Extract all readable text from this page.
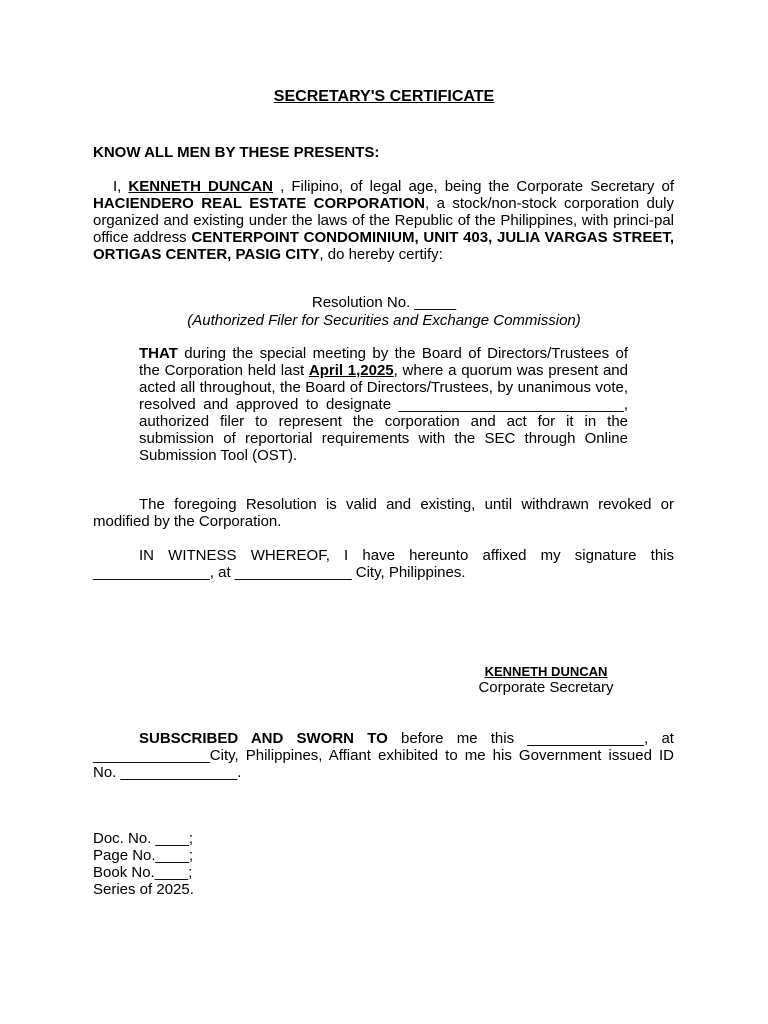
SECRETARY'S CERTIFICATE
KNOW ALL MEN BY THESE PRESENTS:
I, KENNETH DUNCAN , Filipino, of legal age, being the Corporate Secretary of HACIENDERO REAL ESTATE CORPORATION, a stock/non-stock corporation duly organized and existing under the laws of the Republic of the Philippines, with princi-pal office address CENTERPOINT CONDOMINIUM, UNIT 403, JULIA VARGAS STREET, ORTIGAS CENTER, PASIG CITY, do hereby certify:
Resolution No. _____
(Authorized Filer for Securities and Exchange Commission)
THAT during the special meeting by the Board of Directors/Trustees of the Corporation held last April 1,2025, where a quorum was present and acted all throughout, the Board of Directors/Trustees, by unanimous vote, resolved and approved to designate ___________________________, authorized filer to represent the corporation and act for it in the submission of reportorial requirements with the SEC through Online Submission Tool (OST).
The foregoing Resolution is valid and existing, until withdrawn revoked or modified by the Corporation.
IN WITNESS WHEREOF, I have hereunto affixed my signature this ______________, at ______________ City, Philippines.
KENNETH DUNCAN
Corporate Secretary
SUBSCRIBED AND SWORN TO before me this ______________, at ______________City, Philippines, Affiant exhibited to me his Government issued ID No. ______________.
Doc. No. ____;
Page No.____;
Book No.____;
Series of 2025.
